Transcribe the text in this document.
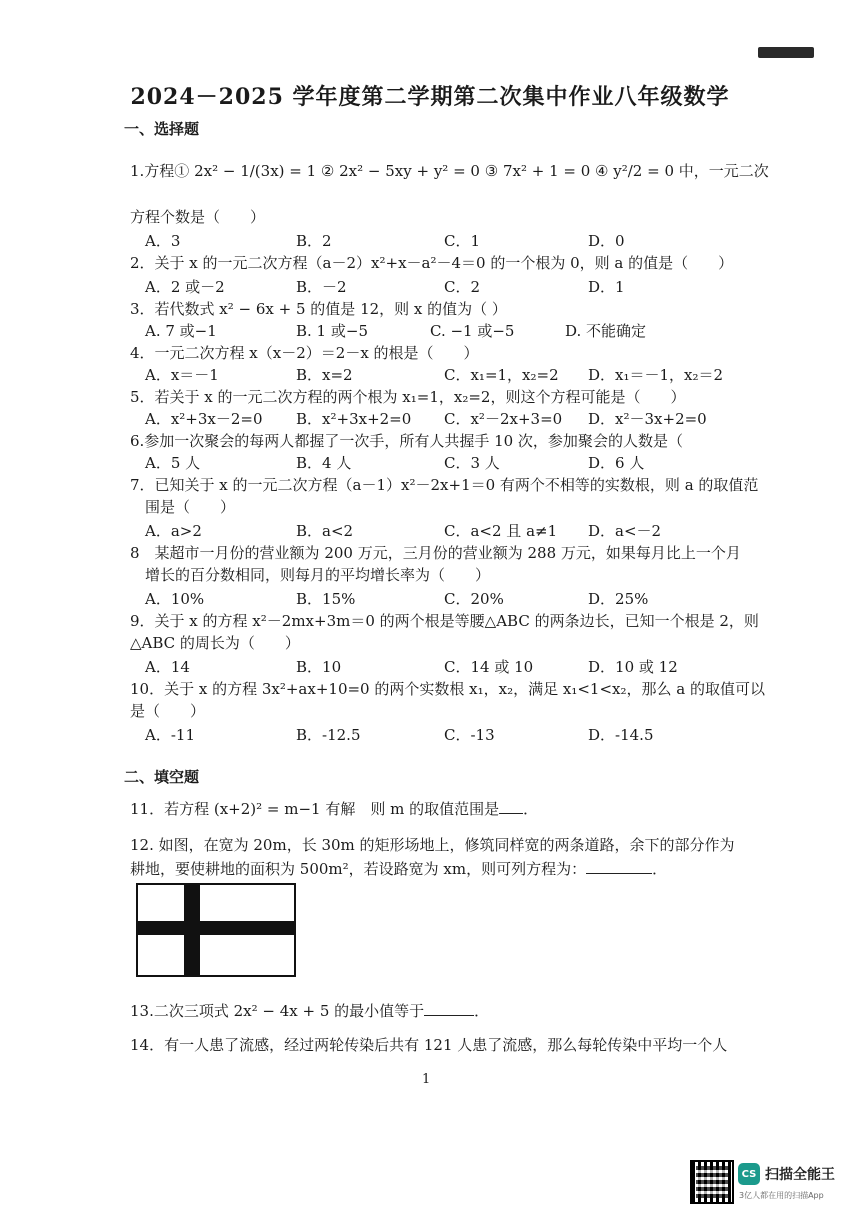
2024－2025 学年度第二学期第二次集中作业八年级数学
一、选择题
1.方程① 2x² − 1/(3x) = 1 ② 2x² − 5xy + y² = 0 ③ 7x² + 1 = 0 ④ y²/2 = 0 中，一元二次
方程个数是（　　）
A．3	B．2	C．1	D．0
2．关于 x 的一元二次方程（a－2）x²+x－a²－4＝0 的一个根为 0，则 a 的值是（　　）
A．2 或－2	B．－2	C．2	D．1
3．若代数式 x² − 6x + 5 的值是 12，则 x 的值为（ ）
A. 7 或−1	B. 1 或−5	C. −1 或−5	D. 不能确定
4．一元二次方程 x（x－2）＝2－x 的根是（　　）
A．x＝－1	B．x=2	C．x₁=1，x₂=2 D．x₁＝－1，x₂＝2
5．若关于 x 的一元二次方程的两个根为 x₁=1，x₂=2，则这个方程可能是（　　）
A．x²+3x－2=0 B．x²+3x+2=0 C．x²－2x+3=0 D．x²－3x+2=0
6.参加一次聚会的每两人都握了一次手，所有人共握手 10 次，参加聚会的人数是（
A．5 人	B．4 人	C．3 人	D．6 人
7．已知关于 x 的一元二次方程（a－1）x²－2x+1＝0 有两个不相等的实数根，则 a 的取值范
围是（　　）
A．a>2	B．a<2	C．a<2 且 a≠1 D．a<－2
8　某超市一月份的营业额为 200 万元，三月份的营业额为 288 万元，如果每月比上一个月
增长的百分数相同，则每月的平均增长率为（　　）
A．10%	B．15%	C．20%	D．25%
9．关于 x 的方程 x²－2mx+3m＝0 的两个根是等腰△ABC 的两条边长，已知一个根是 2，则
△ABC 的周长为（　　）
A．14	B．10	C．14 或 10	D．10 或 12
10．关于 x 的方程 3x²+ax+10=0 的两个实数根 x₁，x₂，满足 x₁<1<x₂，那么 a 的取值可以
是（　　）
A．-11	B．-12.5	C．-13	D．-14.5
二、填空题
11．若方程 (x+2)² = m−1 有解　则 m 的取值范围是 ．
12. 如图，在宽为 20m，长 30m 的矩形场地上，修筑同样宽的两条道路，余下的部分作为
耕地，要使耕地的面积为 500m²，若设路宽为 xm，则可列方程为：	．
13.二次三项式 2x² − 4x + 5 的最小值等于	．
14．有一人患了流感，经过两轮传染后共有 121 人患了流感，那么每轮传染中平均一个人
1
CS 扫描全能王
3亿人都在用的扫描App
